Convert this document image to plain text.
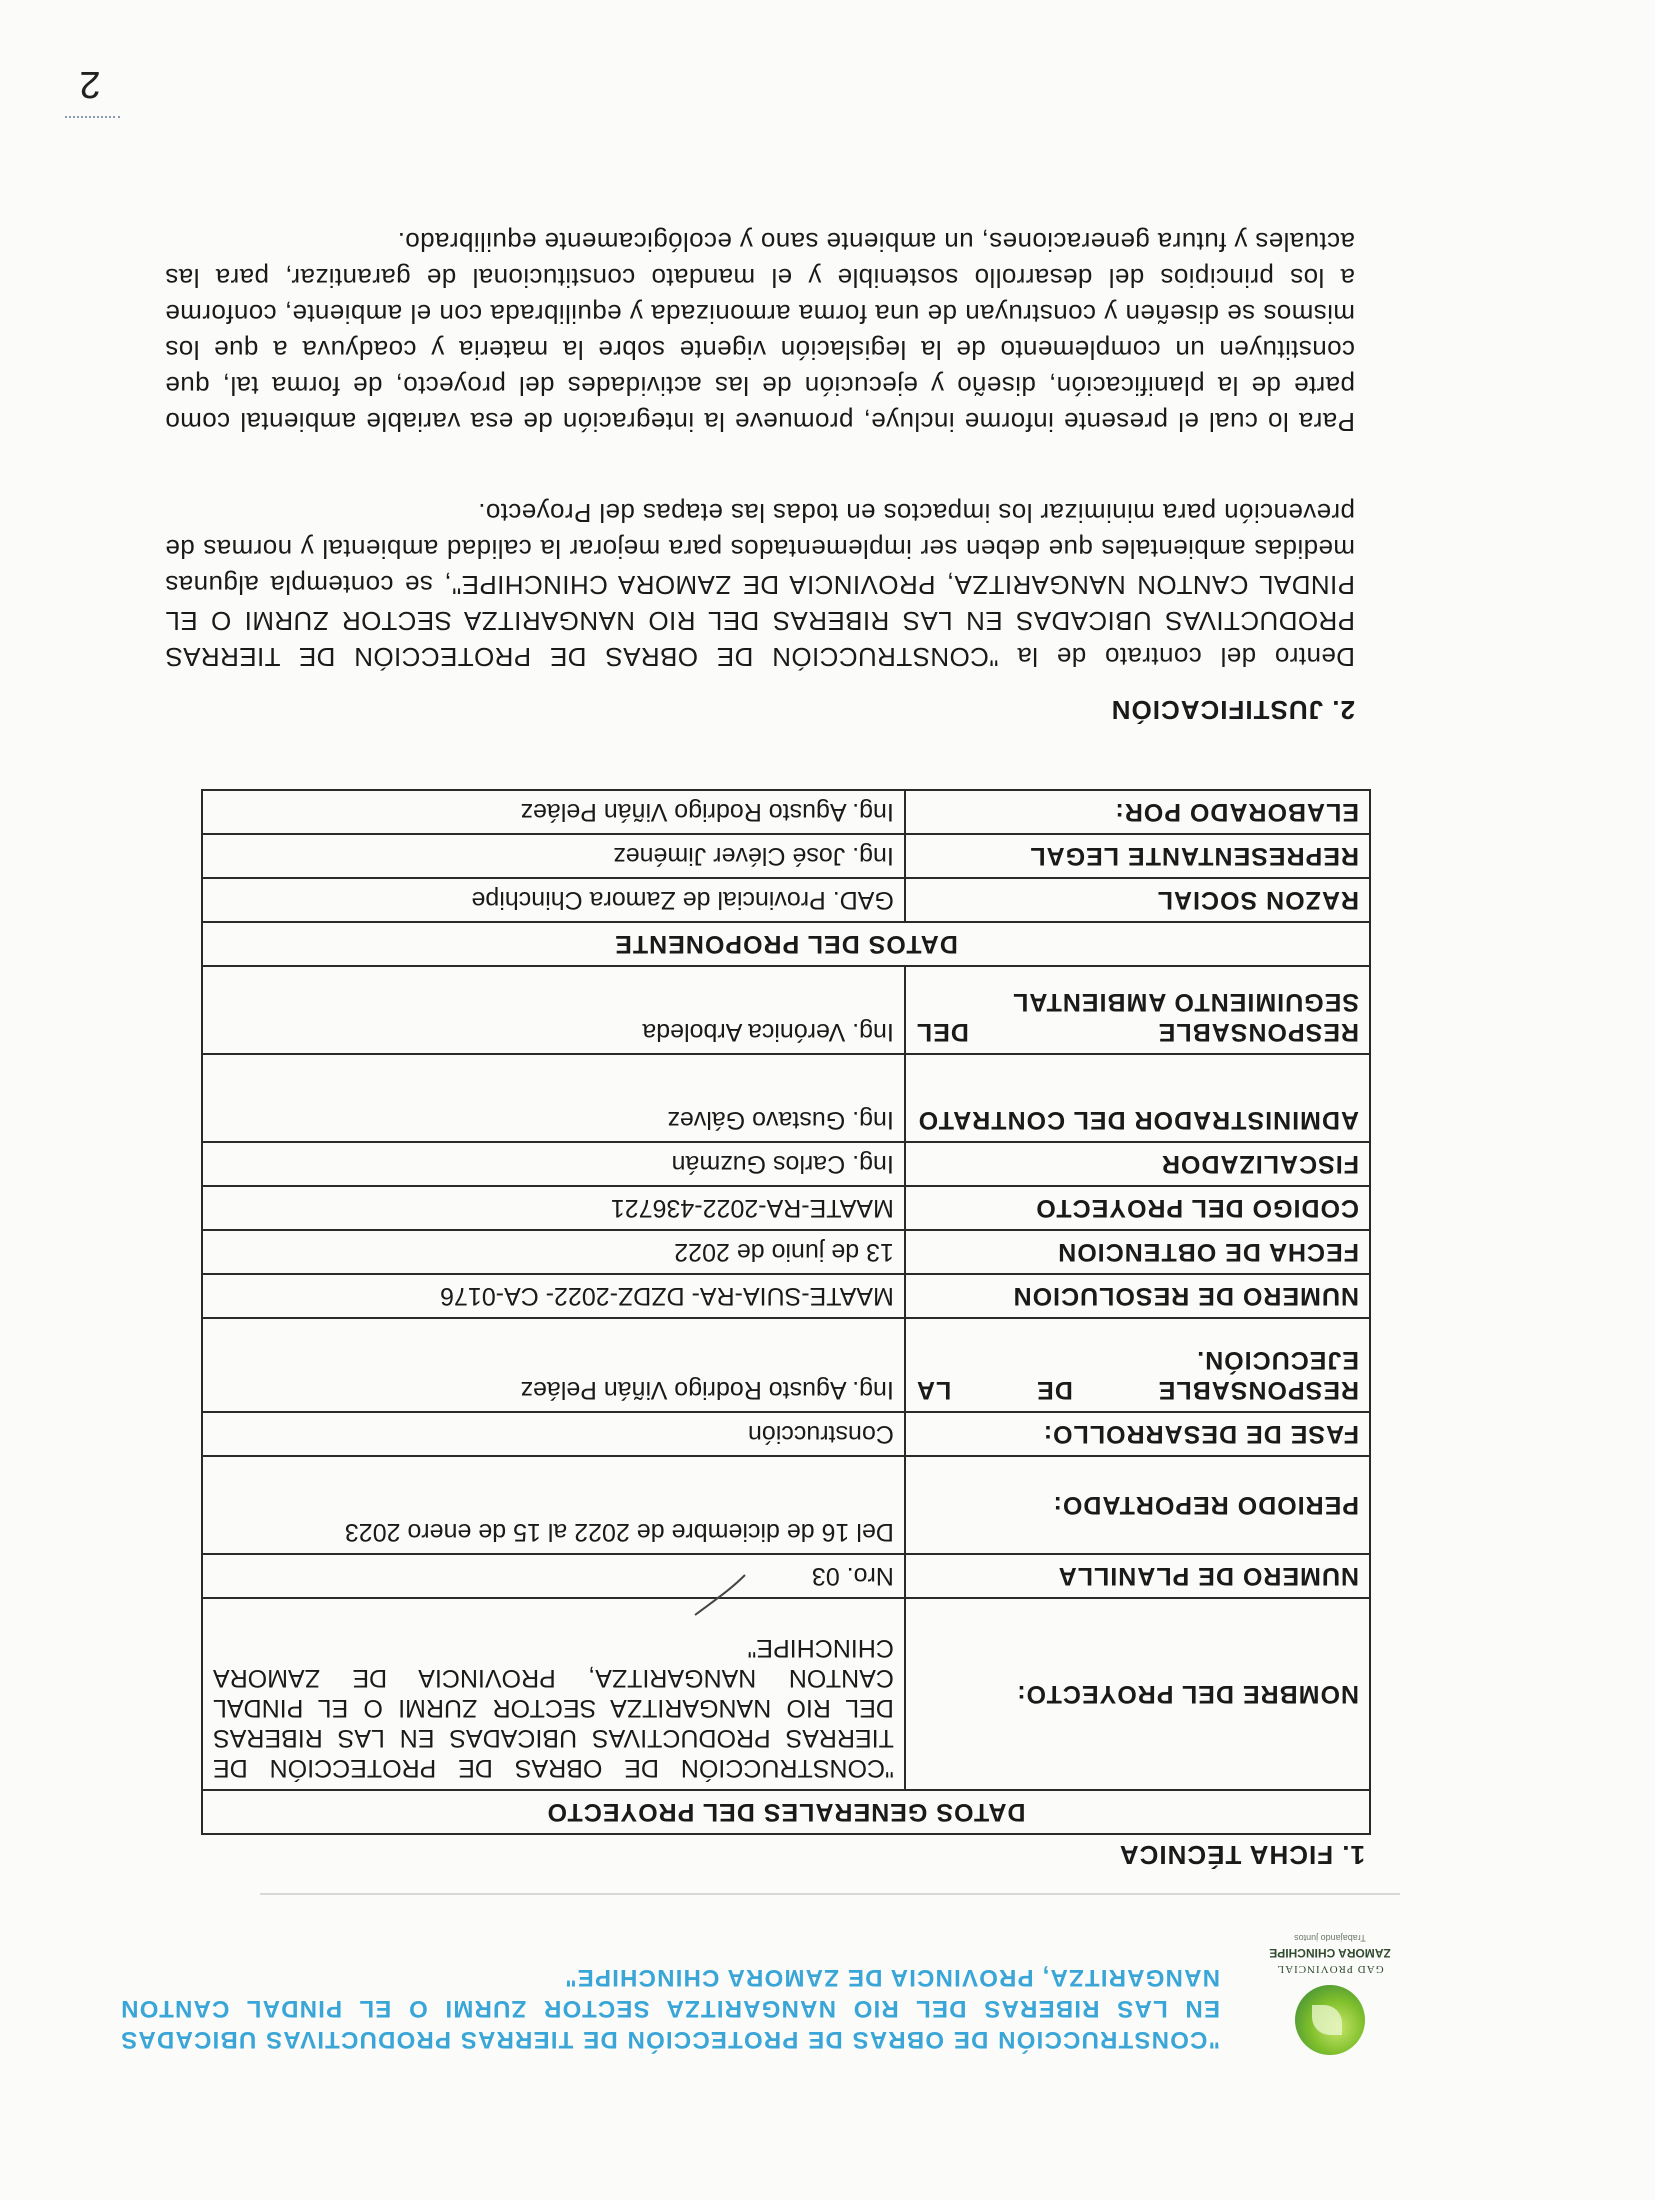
GAD PROVINCIAL
ZAMORA CHINCHIPE
Trabajando juntos
"CONSTRUCCIÓN DE OBRAS DE PROTECCIÓN DE TIERRAS PRODUCTIVAS UBICADAS EN LAS RIBERAS DEL RIO NANGARITZA SECTOR ZURMI O EL PINDAL CANTON NANGARITZA, PROVINCIA DE ZAMORA CHINCHIPE"
1. FICHA TÉCNICA
DATOS GENERALES DEL PROYECTO	
NOMBRE DEL PROYECTO:	"CONSTRUCCIÓN DE OBRAS DE PROTECCIÓN DE TIERRAS PRODUCTIVAS UBICADAS EN LAS RIBERAS DEL RIO NANGARITZA SECTOR ZURMI O EL PINDAL CANTON NANGARITZA, PROVINCIA DE ZAMORA CHINCHIPE"
NUMERO DE PLANILLA	Nro. 03
PERIODO REPORTADO:	Del 16 de diciembre de 2022 al 15 de enero 2023
FASE DE DESARROLLO:	Construcción
RESPONSABLE DE LA EJECUCIÓN.	Ing. Agusto Rodrigo Viñán Peláez
NUMERO DE RESOLUCION	MAATE-SUIA-RA- DZDZ-2022- CA-0176
FECHA DE OBTENCION	13 de junio de 2022
CODIGO DEL PROYECTO	MAATE-RA-2022-436721
FISCALIZADOR	Ing. Carlos Guzmán
ADMINISTRADOR DEL CONTRATO	Ing. Gustavo Gálvez
RESPONSABLE DEL SEGUIMIENTO AMBIENTAL	Ing. Verónica Arboleda
DATOS DEL PROPONENTE	
RAZON SOCIAL	GAD. Provincial de Zamora Chinchipe
REPRESENTANTE LEGAL	Ing. José Cléver Jiménez
ELABORADO POR:	Ing. Agusto Rodrigo Viñán Peláez
2. JUSTIFICACIÓN
Dentro del contrato de la "CONSTRUCCIÓN DE OBRAS DE PROTECCIÓN DE TIERRAS PRODUCTIVAS UBICADAS EN LAS RIBERAS DEL RIO NANGARITZA SECTOR ZURMI O EL PINDAL CANTON NANGARITZA, PROVINCIA DE ZAMORA CHINCHIPE", se contempla algunas medidas ambientales que deben ser implementados para mejorar la calidad ambiental y normas de prevención para minimizar los impactos en todas las etapas del Proyecto.
Para lo cual el presente informe incluye, promueve la integración de esa variable ambiental como parte de la planificación, diseño y ejecución de las actividades del proyecto, de forma tal, que constituyen un complemento de la legislación vigente sobre la materia y coadyuva a que los mismos se diseñen y construyan de una forma armonizada y equilibrada con el ambiente, conforme a los principios del desarrollo sostenible y el mandato constitucional de garantizar, para las actuales y futura generaciones, un ambiente sano y ecológicamente equilibrado.
2
